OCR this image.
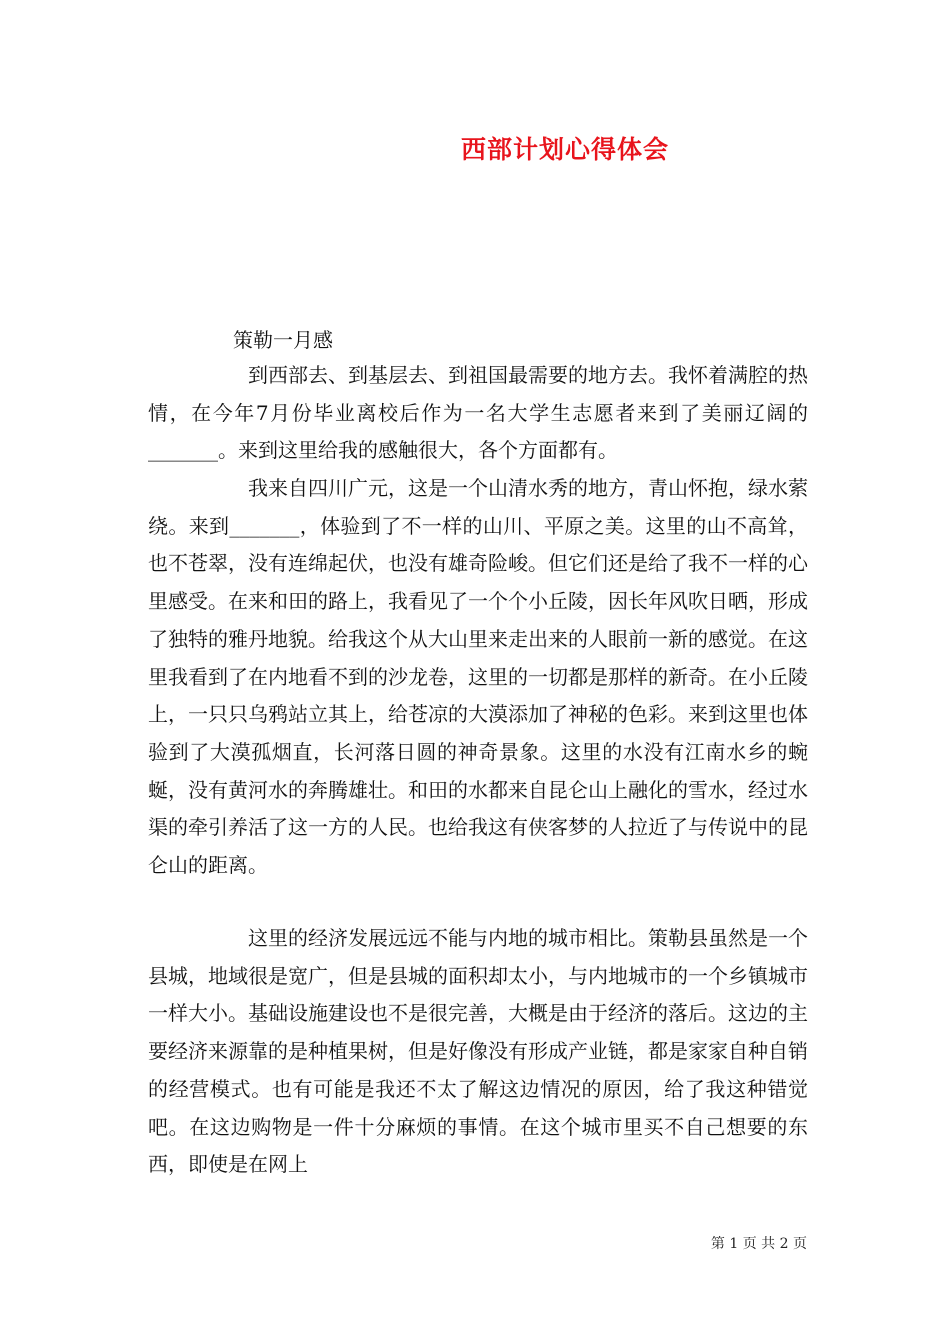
西部计划心得体会
策勒一月感

到西部去、到基层去、到祖国最需要的地方去。我怀着满腔的热情，在今年7月份毕业离校后作为一名大学生志愿者来到了美丽辽阔的_______。来到这里给我的感触很大，各个方面都有。

我来自四川广元，这是一个山清水秀的地方，青山怀抱，绿水萦绕。来到_______，体验到了不一样的山川、平原之美。这里的山不高耸，也不苍翠，没有连绵起伏，也没有雄奇险峻。但它们还是给了我不一样的心里感受。在来和田的路上，我看见了一个个小丘陵，因长年风吹日晒，形成了独特的雅丹地貌。给我这个从大山里来走出来的人眼前一新的感觉。在这里我看到了在内地看不到的沙龙卷，这里的一切都是那样的新奇。在小丘陵上，一只只乌鸦站立其上，给苍凉的大漠添加了神秘的色彩。来到这里也体验到了大漠孤烟直，长河落日圆的神奇景象。这里的水没有江南水乡的蜿蜒，没有黄河水的奔腾雄壮。和田的水都来自昆仑山上融化的雪水，经过水渠的牵引养活了这一方的人民。也给我这有侠客梦的人拉近了与传说中的昆仑山的距离。

这里的经济发展远远不能与内地的城市相比。策勒县虽然是一个县城，地域很是宽广，但是县城的面积却太小，与内地城市的一个乡镇城市一样大小。基础设施建设也不是很完善，大概是由于经济的落后。这边的主要经济来源靠的是种植果树，但是好像没有形成产业链，都是家家自种自销的经营模式。也有可能是我还不太了解这边情况的原因，给了我这种错觉吧。在这边购物是一件十分麻烦的事情。在这个城市里买不自己想要的东西，即使是在网上

第 1 页 共 2 页
